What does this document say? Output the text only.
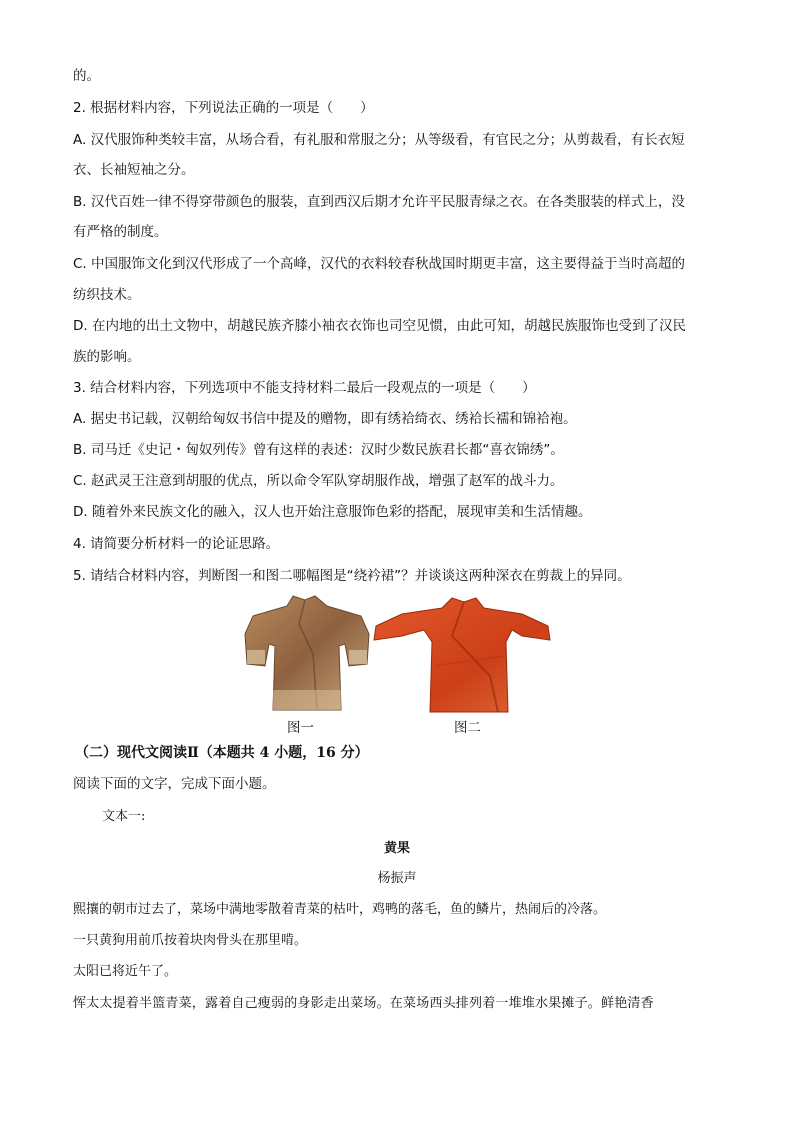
的。
2. 根据材料内容，下列说法正确的一项是（　　）
A. 汉代服饰种类较丰富，从场合看，有礼服和常服之分；从等级看，有官民之分；从剪裁看，有长衣短
衣、长袖短袖之分。
B. 汉代百姓一律不得穿带颜色的服装，直到西汉后期才允许平民服青绿之衣。在各类服装的样式上，没
有严格的制度。
C. 中国服饰文化到汉代形成了一个高峰，汉代的衣料较春秋战国时期更丰富，这主要得益于当时高超的
纺织技术。
D. 在内地的出土文物中，胡越民族齐膝小袖衣衣饰也司空见惯，由此可知，胡越民族服饰也受到了汉民
族的影响。
3. 结合材料内容，下列选项中不能支持材料二最后一段观点的一项是（　　）
A. 据史书记载，汉朝给匈奴书信中提及的赠物，即有绣袷绮衣、绣袷长襦和锦袷袍。
B. 司马迁《史记・匈奴列传》曾有这样的表述：汉时少数民族君长都“喜衣锦绣”。
C. 赵武灵王注意到胡服的优点，所以命令军队穿胡服作战，增强了赵军的战斗力。
D. 随着外来民族文化的融入，汉人也开始注意服饰色彩的搭配，展现审美和生活情趣。
4. 请简要分析材料一的论证思路。
5. 请结合材料内容，判断图一和图二哪幅图是“绕衿裙”？并谈谈这两种深衣在剪裁上的异同。
图一	图二
（二）现代文阅读Ⅱ（本题共 4 小题，16 分）
阅读下面的文字，完成下面小题。
文本一:
黄果
杨振声
熙攘的朝市过去了，菜场中满地零散着青菜的枯叶，鸡鸭的落毛，鱼的鳞片，热闹后的冷落。
一只黄狗用前爪按着块肉骨头在那里啃。
太阳已将近午了。
恽太太提着半篮青菜，露着自己瘦弱的身影走出菜场。在菜场西头排列着一堆堆水果摊子。鲜艳清香
